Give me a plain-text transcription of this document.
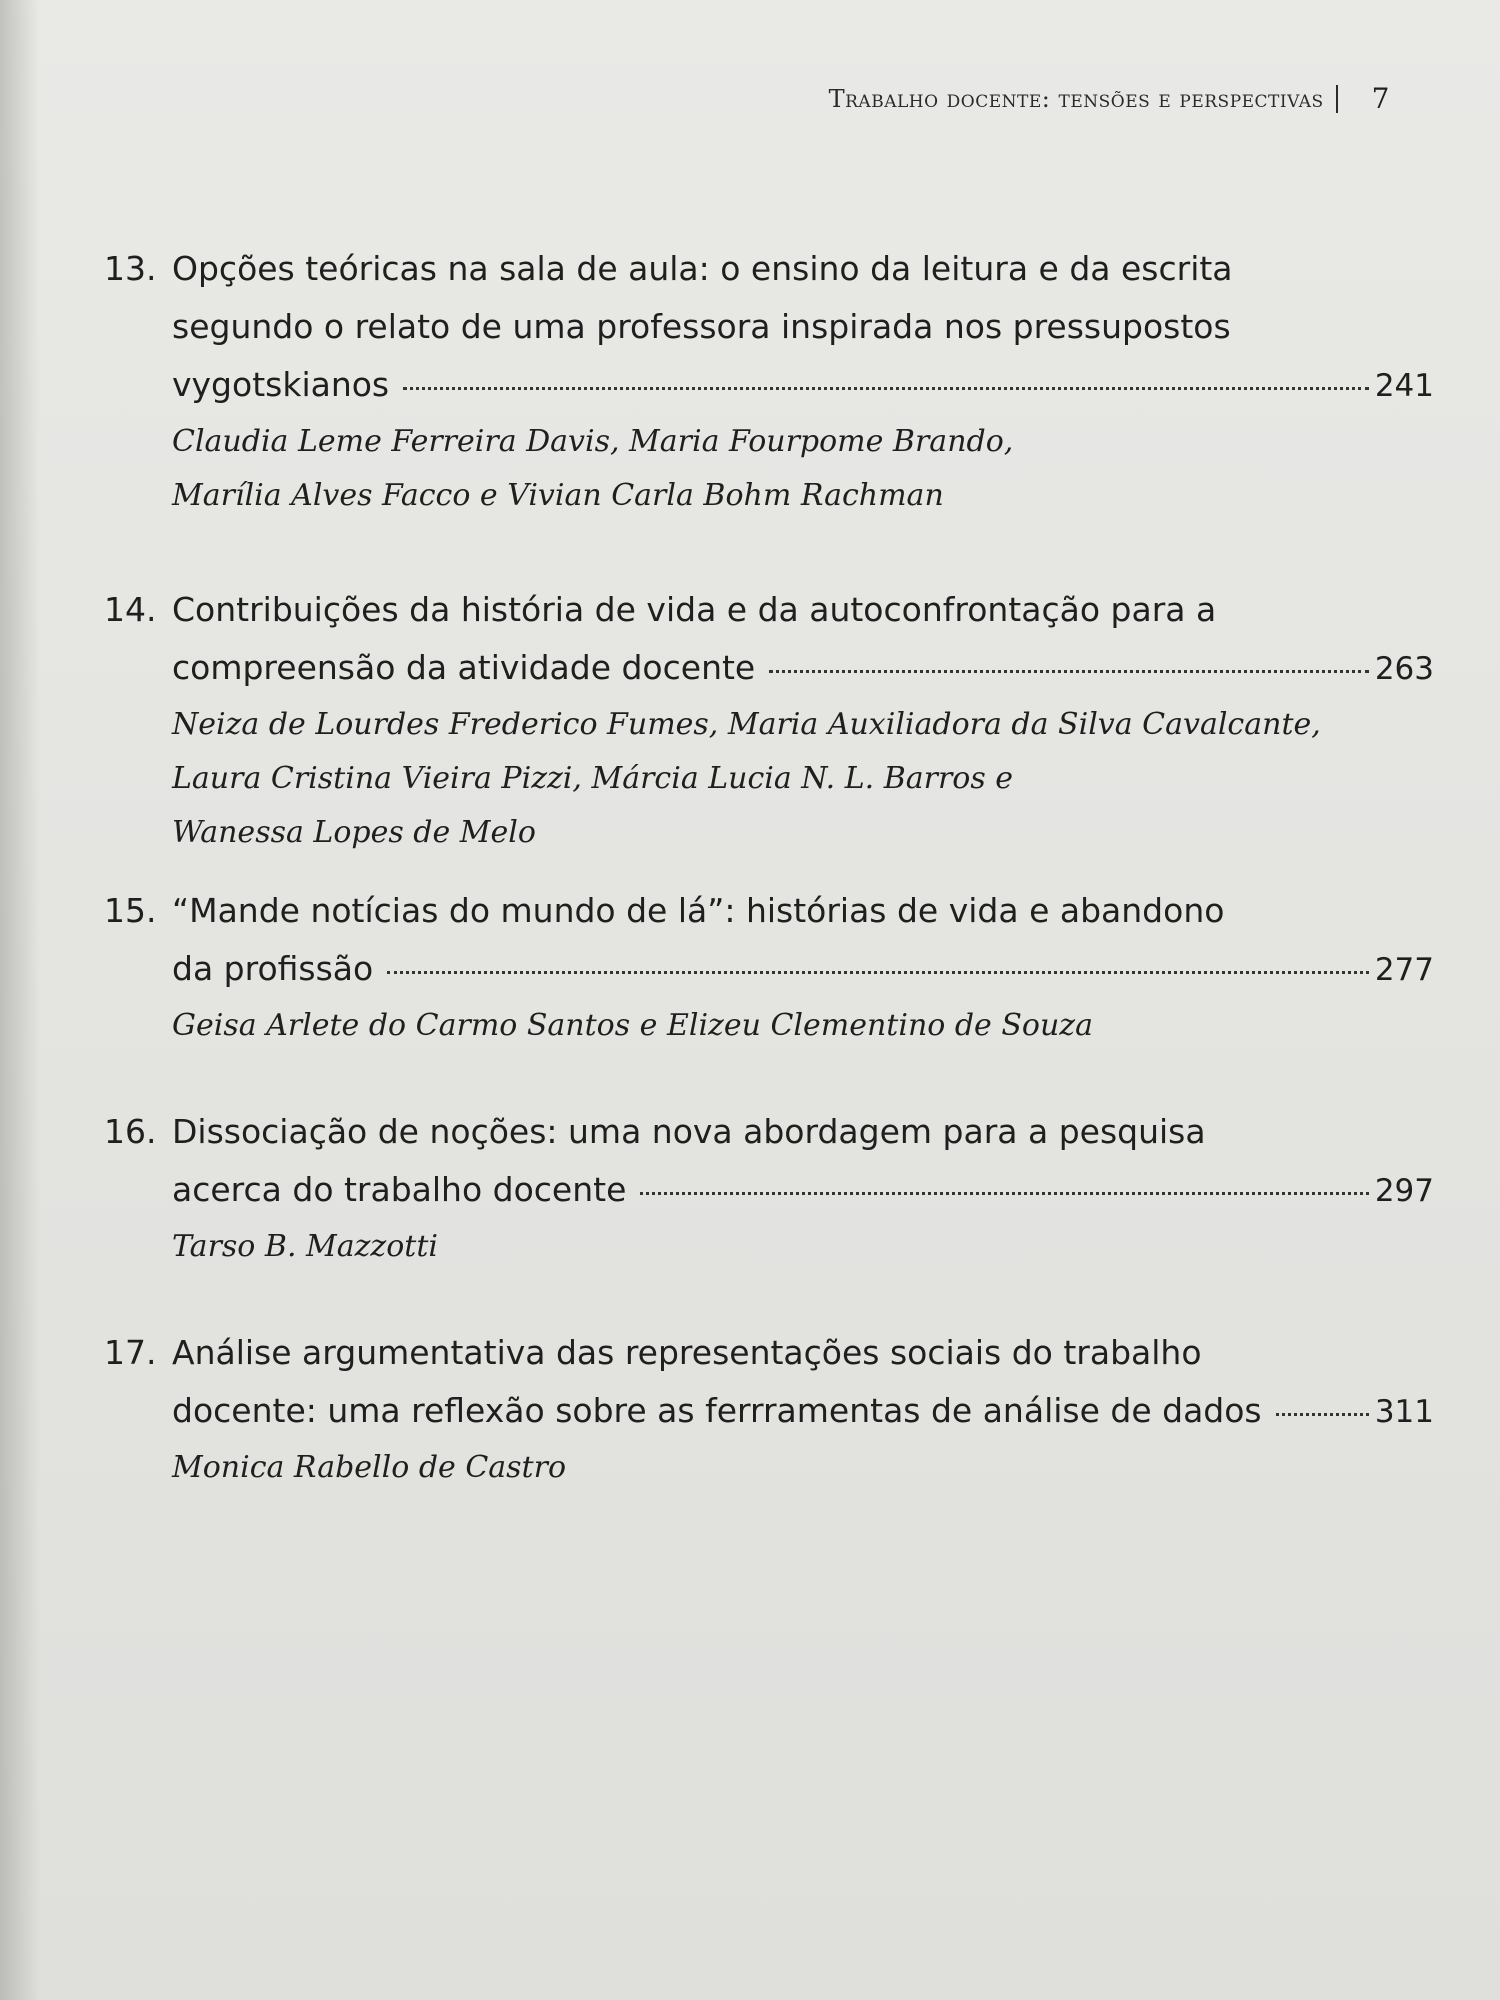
Trabalho docente: tensões e perspectivas 7
13. Opções teóricas na sala de aula: o ensino da leitura e da escrita
segundo o relato de uma professora inspirada nos pressupostos
vygotskianos	241
Claudia Leme Ferreira Davis, Maria Fourpome Brando,
Marília Alves Facco e Vivian Carla Bohm Rachman
14. Contribuições da história de vida e da autoconfrontação para a
compreensão da atividade docente	263
Neiza de Lourdes Frederico Fumes, Maria Auxiliadora da Silva Cavalcante,
Laura Cristina Vieira Pizzi, Márcia Lucia N. L. Barros e
Wanessa Lopes de Melo
15. “Mande notícias do mundo de lá”: histórias de vida e abandono
da profissão	277
Geisa Arlete do Carmo Santos e Elizeu Clementino de Souza
16. Dissociação de noções: uma nova abordagem para a pesquisa
acerca do trabalho docente	297
Tarso B. Mazzotti
17. Análise argumentativa das representações sociais do trabalho
docente: uma reflexão sobre as ferrramentas de análise de dados	311
Monica Rabello de Castro
